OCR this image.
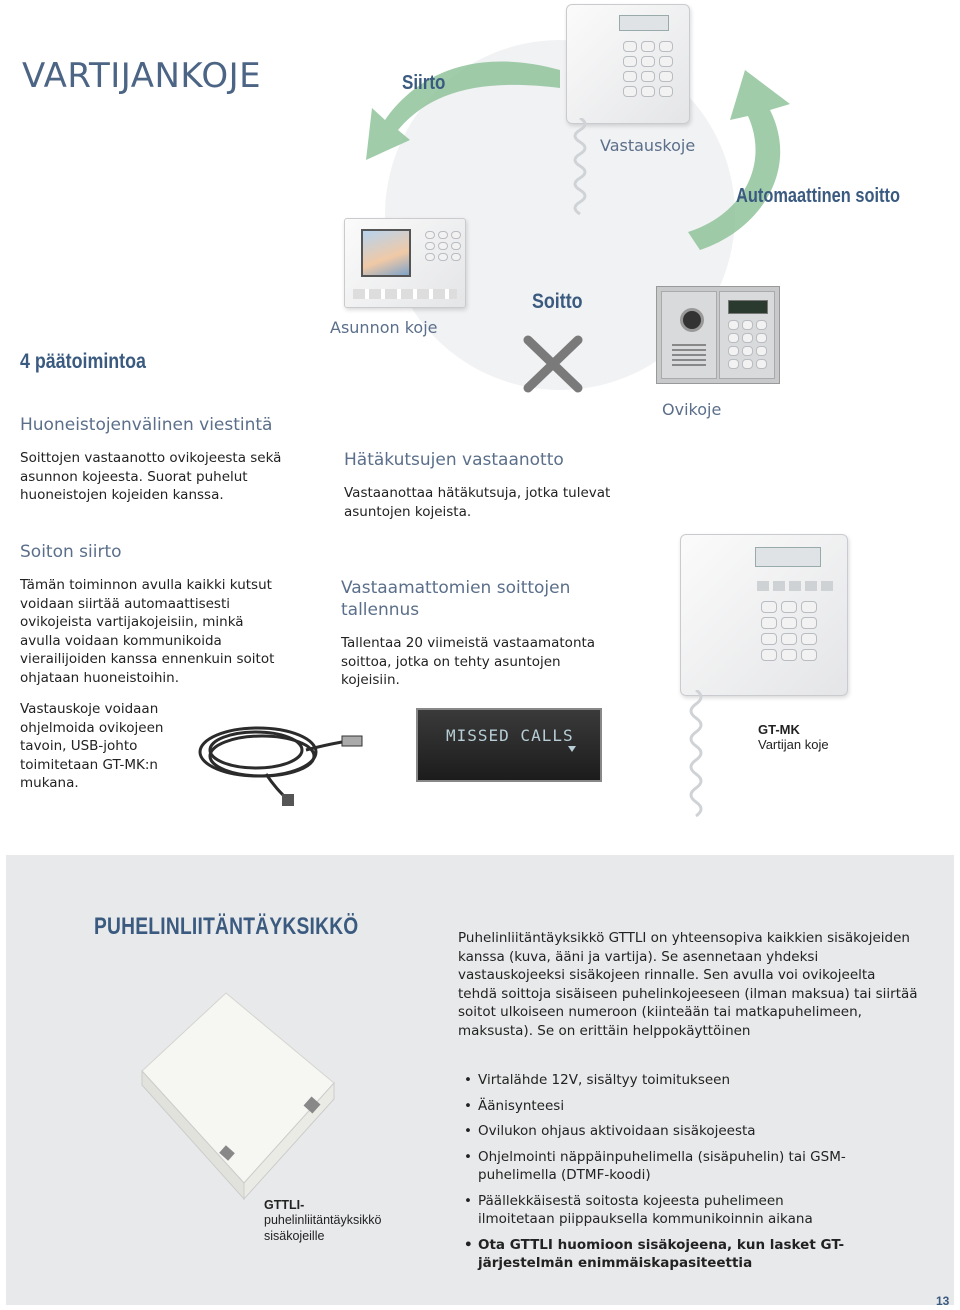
VARTIJANKOJE	Siirto
Vastauskoje
Automaattinen soitto
Asunnon koje
Soitto
Ovikoje
4 päätoimintoa
Huoneistojenvälinen viestintä
Soittojen vastaanotto ovikojeesta sekä asunnon kojeesta. Suorat puhelut huoneistojen kojeiden kanssa.
Hätäkutsujen vastaanotto
Vastaanottaa hätäkutsuja, jotka tulevat asuntojen kojeista.
Soiton siirto
Tämän toiminnon avulla kaikki kutsut voidaan siirtää automaattisesti ovikojeista vartijakojeisiin, minkä avulla voidaan kommunikoida vierailijoiden kanssa ennenkuin soitot ohjataan huoneistoihin.
Vastaamattomien soittojen tallennus
Tallentaa 20 viimeistä vastaamatonta soittoa, jotka on tehty asuntojen kojeisiin.
Vastauskoje voidaan ohjelmoida ovikojeen tavoin, USB-johto toimitetaan GT-MK:n mukana.
MISSED CALLS	GT-MK
Vartijan koje
PUHELINLIITÄNTÄYKSIKKÖ	Puhelinliitäntäyksikkö GTTLI on yhteensopiva kaikkien sisäkojeiden kanssa (kuva, ääni ja vartija). Se asennetaan yhdeksi vastauskojeeksi sisäkojeen rinnalle. Sen avulla voi ovikojeelta tehdä soittoja sisäiseen puhelinkojeeseen (ilman maksua) tai siirtää soitot ulkoiseen numeroon (kiinteään tai matkapuhelimeen, maksusta). Se on erittäin helppokäyttöinen
GTTLI-
puhelinliitäntäyksikkö
sisäkojeille
• Virtalähde 12V, sisältyy toimitukseen
• Äänisynteesi
• Ovilukon ohjaus aktivoidaan sisäkojeesta
• Ohjelmointi näppäinpuhelimella (sisäpuhelin) tai GSM-puhelimella (DTMF-koodi)
• Päällekkäisestä soitosta kojeesta puhelimeen ilmoitetaan piippauksella kommunikoinnin aikana
• Ota GTTLI huomioon sisäkojeena, kun lasket GT-järjestelmän enimmäiskapasiteettia
13
